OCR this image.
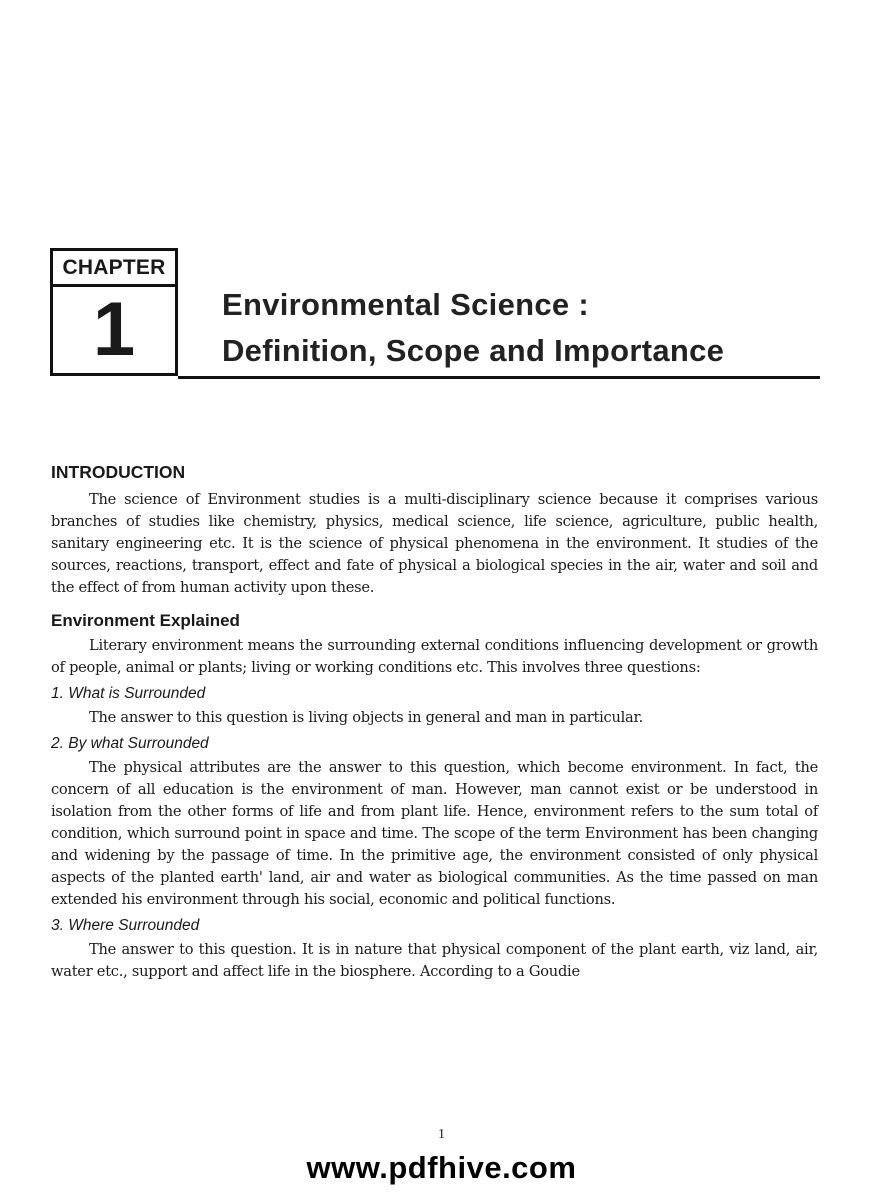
CHAPTER
1	Environmental Science :
Definition, Scope and Importance
INTRODUCTION

The science of Environment studies is a multi-disciplinary science because it comprises various branches of studies like chemistry, physics, medical science, life science, agriculture, public health, sanitary engineering etc. It is the science of physical phenomena in the environment. It studies of the sources, reactions, transport, effect and fate of physical a biological species in the air, water and soil and the effect of from human activity upon these.

Environment Explained

Literary environment means the surrounding external conditions influencing development or growth of people, animal or plants; living or working conditions etc. This involves three questions:

1. What is Surrounded

The answer to this question is living objects in general and man in particular.

2. By what Surrounded

The physical attributes are the answer to this question, which become environment. In fact, the concern of all education is the environment of man. However, man cannot exist or be understood in isolation from the other forms of life and from plant life. Hence, environment refers to the sum total of condition, which surround point in space and time. The scope of the term Environment has been changing and widening by the passage of time. In the primitive age, the environment consisted of only physical aspects of the planted earth' land, air and water as biological communities. As the time passed on man extended his environment through his social, economic and political functions.

3. Where Surrounded

The answer to this question. It is in nature that physical component of the plant earth, viz land, air, water etc., support and affect life in the biosphere. According to a Goudie

1
www.pdfhive.com
